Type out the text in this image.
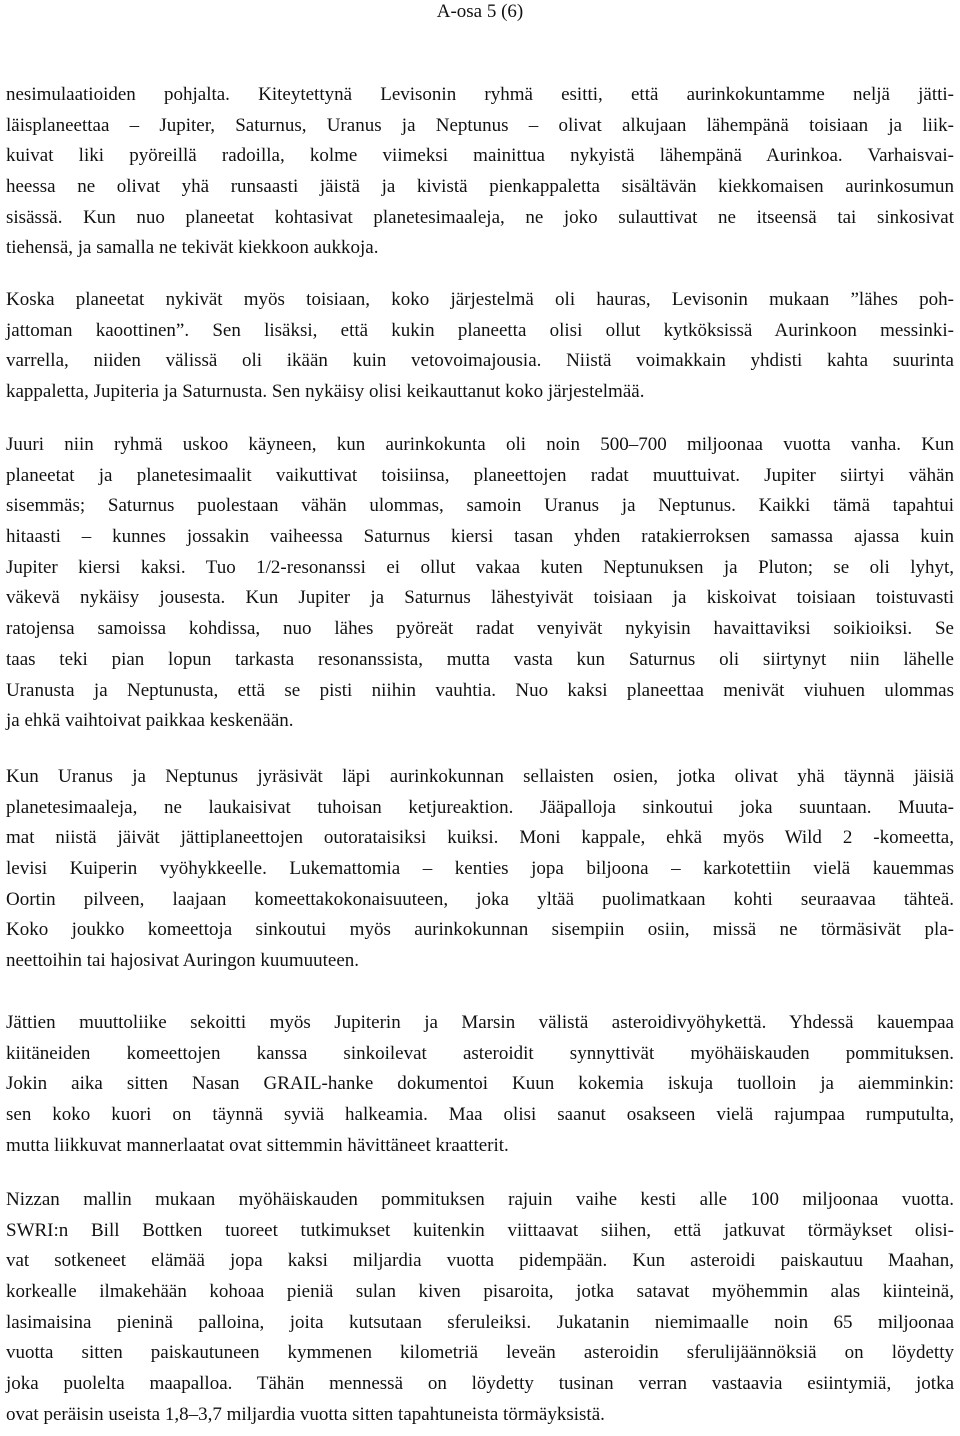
A-osa 5 (6)
nesimulaatioiden pohjalta. Kiteytettynä Levisonin ryhmä esitti, että aurinkokuntamme neljä jätti-
läisplaneettaa ‒ Jupiter, Saturnus, Uranus ja Neptunus ‒ olivat alkujaan lähempänä toisiaan ja liik-
kuivat liki pyöreillä radoilla, kolme viimeksi mainittua nykyistä lähempänä Aurinkoa. Varhaisvai-
heessa ne olivat yhä runsaasti jäistä ja kivistä pienkappaletta sisältävän kiekkomaisen aurinkosumun
sisässä. Kun nuo planeetat kohtasivat planetesimaaleja, ne joko sulauttivat ne itseensä tai sinkosivat
tiehensä, ja samalla ne tekivät kiekkoon aukkoja.
Koska planeetat nykivät myös toisiaan, koko järjestelmä oli hauras, Levisonin mukaan ”lähes poh-
jattoman kaoottinen”. Sen lisäksi, että kukin planeetta olisi ollut kytköksissä Aurinkoon messinki-
varrella, niiden välissä oli ikään kuin vetovoimajousia. Niistä voimakkain yhdisti kahta suurinta
kappaletta, Jupiteria ja Saturnusta. Sen nykäisy olisi keikauttanut koko järjestelmää.
Juuri niin ryhmä uskoo käyneen, kun aurinkokunta oli noin 500‒700 miljoonaa vuotta vanha. Kun
planeetat ja planetesimaalit vaikuttivat toisiinsa, planeettojen radat muuttuivat. Jupiter siirtyi vähän
sisemmäs; Saturnus puolestaan vähän ulommas, samoin Uranus ja Neptunus. Kaikki tämä tapahtui
hitaasti ‒ kunnes jossakin vaiheessa Saturnus kiersi tasan yhden ratakierroksen samassa ajassa kuin
Jupiter kiersi kaksi. Tuo 1/2-resonanssi ei ollut vakaa kuten Neptunuksen ja Pluton; se oli lyhyt,
väkevä nykäisy jousesta. Kun Jupiter ja Saturnus lähestyivät toisiaan ja kiskoivat toisiaan toistuvasti
ratojensa samoissa kohdissa, nuo lähes pyöreät radat venyivät nykyisin havaittaviksi soikioiksi. Se
taas teki pian lopun tarkasta resonanssista, mutta vasta kun Saturnus oli siirtynyt niin lähelle
Uranusta ja Neptunusta, että se pisti niihin vauhtia. Nuo kaksi planeettaa menivät viuhuen ulommas
ja ehkä vaihtoivat paikkaa keskenään.
Kun Uranus ja Neptunus jyräsivät läpi aurinkokunnan sellaisten osien, jotka olivat yhä täynnä jäisiä
planetesimaaleja, ne laukaisivat tuhoisan ketjureaktion. Jääpalloja sinkoutui joka suuntaan. Muuta-
mat niistä jäivät jättiplaneettojen outorataisiksi kuiksi. Moni kappale, ehkä myös Wild 2 -komeetta,
levisi Kuiperin vyöhykkeelle. Lukemattomia ‒ kenties jopa biljoona ‒ karkotettiin vielä kauemmas
Oortin pilveen, laajaan komeettakokonaisuuteen, joka yltää puolimatkaan kohti seuraavaa tähteä.
Koko joukko komeettoja sinkoutui myös aurinkokunnan sisempiin osiin, missä ne törmäsivät pla-
neettoihin tai hajosivat Auringon kuumuuteen.
Jättien muuttoliike sekoitti myös Jupiterin ja Marsin välistä asteroidivyöhykettä. Yhdessä kauempaa
kiitäneiden komeettojen kanssa sinkoilevat asteroidit synnyttivät myöhäiskauden pommituksen.
Jokin aika sitten Nasan GRAIL-hanke dokumentoi Kuun kokemia iskuja tuolloin ja aiemminkin:
sen koko kuori on täynnä syviä halkeamia. Maa olisi saanut osakseen vielä rajumpaa rumputulta,
mutta liikkuvat mannerlaatat ovat sittemmin hävittäneet kraatterit.
Nizzan mallin mukaan myöhäiskauden pommituksen rajuin vaihe kesti alle 100 miljoonaa vuotta.
SWRI:n Bill Bottken tuoreet tutkimukset kuitenkin viittaavat siihen, että jatkuvat törmäykset olisi-
vat sotkeneet elämää jopa kaksi miljardia vuotta pidempään. Kun asteroidi paiskautuu Maahan,
korkealle ilmakehään kohoaa pieniä sulan kiven pisaroita, jotka satavat myöhemmin alas kiinteinä,
lasimaisina pieninä palloina, joita kutsutaan sferuleiksi. Jukatanin niemimaalle noin 65 miljoonaa
vuotta sitten paiskautuneen kymmenen kilometriä leveän asteroidin sferulijäännöksiä on löydetty
joka puolelta maapalloa. Tähän mennessä on löydetty tusinan verran vastaavia esiintymiä, jotka
ovat peräisin useista 1,8–3,7 miljardia vuotta sitten tapahtuneista törmäyksistä.
